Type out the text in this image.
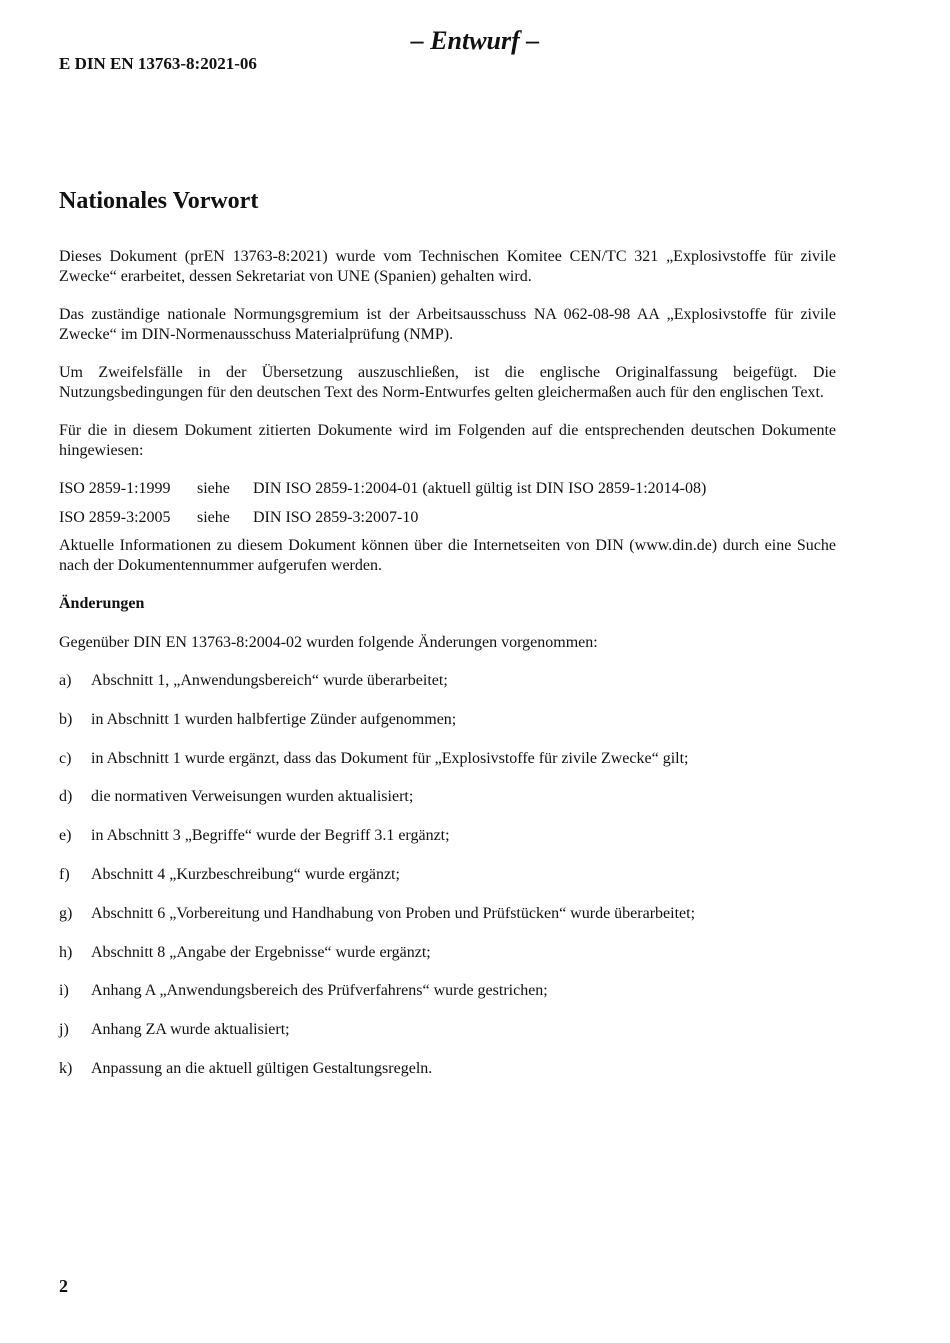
– Entwurf –
E DIN EN 13763-8:2021-06
Nationales Vorwort

Dieses Dokument (prEN 13763-8:2021) wurde vom Technischen Komitee CEN/TC 321 „Explosivstoffe für zivile Zwecke“ erarbeitet, dessen Sekretariat von UNE (Spanien) gehalten wird.

Das zuständige nationale Normungsgremium ist der Arbeitsausschuss NA 062-08-98 AA „Explosivstoffe für zivile Zwecke“ im DIN-Normenausschuss Materialprüfung (NMP).

Um Zweifelsfälle in der Übersetzung auszuschließen, ist die englische Originalfassung beigefügt. Die Nutzungsbedingungen für den deutschen Text des Norm-Entwurfes gelten gleichermaßen auch für den englischen Text.

Für die in diesem Dokument zitierten Dokumente wird im Folgenden auf die entsprechenden deutschen Dokumente hingewiesen:

ISO 2859-1:1999	siehe	DIN ISO 2859-1:2004-01 (aktuell gültig ist DIN ISO 2859-1:2014-08)
ISO 2859-3:2005	siehe	DIN ISO 2859-3:2007-10

Aktuelle Informationen zu diesem Dokument können über die Internetseiten von DIN (www.din.de) durch eine Suche nach der Dokumentennummer aufgerufen werden.

Änderungen

Gegenüber DIN EN 13763-8:2004-02 wurden folgende Änderungen vorgenommen:

a)	Abschnitt 1, „Anwendungsbereich“ wurde überarbeitet;
b)	in Abschnitt 1 wurden halbfertige Zünder aufgenommen;
c)	in Abschnitt 1 wurde ergänzt, dass das Dokument für „Explosivstoffe für zivile Zwecke“ gilt;
d)	die normativen Verweisungen wurden aktualisiert;
e)	in Abschnitt 3 „Begriffe“ wurde der Begriff 3.1 ergänzt;
f)	Abschnitt 4 „Kurzbeschreibung“ wurde ergänzt;
g)	Abschnitt 6 „Vorbereitung und Handhabung von Proben und Prüfstücken“ wurde überarbeitet;
h)	Abschnitt 8 „Angabe der Ergebnisse“ wurde ergänzt;
i)	Anhang A „Anwendungsbereich des Prüfverfahrens“ wurde gestrichen;
j)	Anhang ZA wurde aktualisiert;
k)	Anpassung an die aktuell gültigen Gestaltungsregeln.
2
